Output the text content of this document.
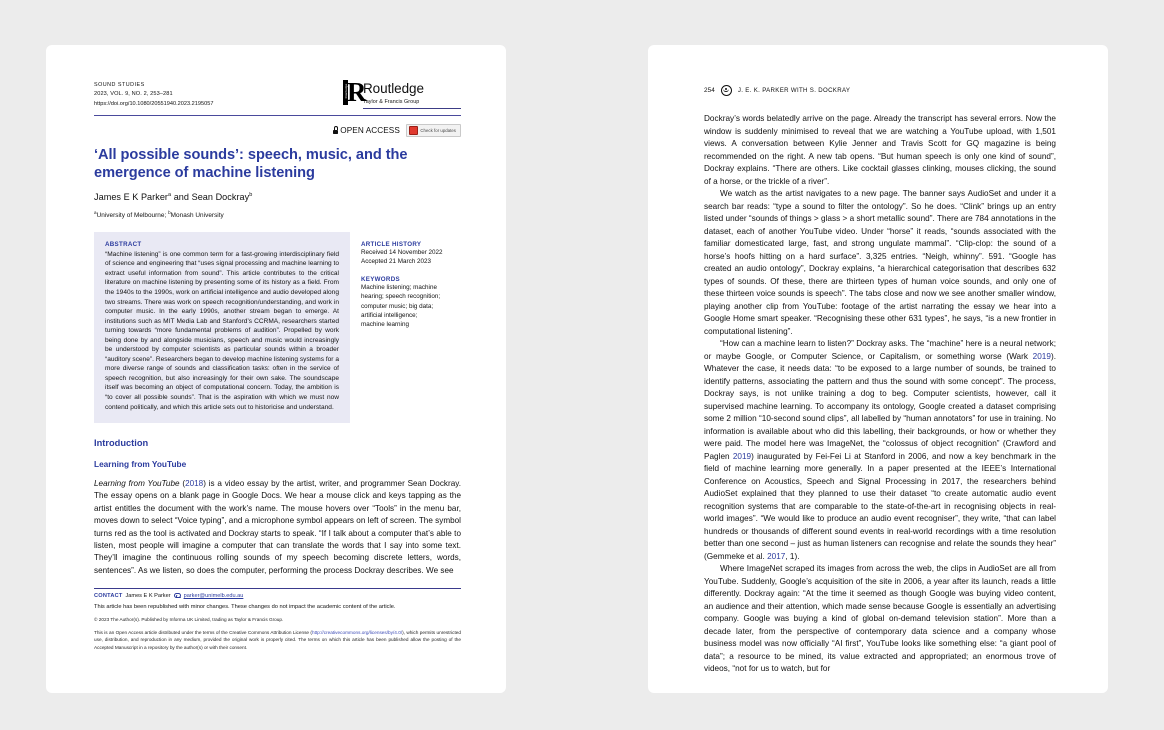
SOUND STUDIES
2023, VOL. 9, NO. 2, 253–281
https://doi.org/10.1080/20551940.2023.2195057
Routledge R
Routledge
Taylor & Francis Group
OPEN ACCESS	Check for updates
‘All possible sounds’: speech, music, and the emergence of machine listening
James E K Parker$^a$ and Sean Dockray$^b$
$^a$University of Melbourne; $^b$Monash University
ABSTRACT
“Machine listening” is one common term for a fast-growing interdisciplinary field of science and engineering that “uses signal processing and machine learning to extract useful information from sound”. This article contributes to the critical literature on machine listening by presenting some of its history as a field. From the 1940s to the 1990s, work on artificial intelligence and audio developed along two streams. There was work on speech recognition/understanding, and work in computer music. In the early 1990s, another stream began to emerge. At institutions such as MIT Media Lab and Stanford’s CCRMA, researchers started turning towards “more fundamental problems of audition”. Propelled by work being done by and alongside musicians, speech and music would increasingly be understood by computer scientists as particular sounds within a broader “auditory scene”. Researchers began to develop machine listening systems for a more diverse range of sounds and classification tasks: often in the service of speech recognition, but also increasingly for their own sake. The soundscape itself was becoming an object of computational concern. Today, the ambition is “to cover all possible sounds”. That is the aspiration with which we must now contend politically, and which this article sets out to historicise and understand.
ARTICLE HISTORY
Received 14 November 2022
Accepted 21 March 2023
KEYWORDS
Machine listening; machine
hearing; speech recognition;
computer music; big data;
artificial intelligence;
machine learning
Introduction
Learning from YouTube
Learning from YouTube (2018) is a video essay by the artist, writer, and programmer Sean Dockray. The essay opens on a blank page in Google Docs. We hear a mouse click and keys tapping as the artist entitles the document with the work’s name. The mouse hovers over “Tools” in the menu bar, moves down to select “Voice typing”, and a microphone symbol appears on left of screen. The symbol turns red as the tool is activated and Dockray starts to speak. “If I talk about a computer that’s able to listen, most people will imagine a computer that can translate the words that I say into some text. They’ll imagine the continuous rolling sounds of my speech becoming discrete letters, words, sentences”. As we listen, so does the computer, performing the process Dockray describes. We see
CONTACT James E K Parker parker@unimelb.edu.au
This article has been republished with minor changes. These changes do not impact the academic content of the article.
© 2023 The Author(s). Published by Informa UK Limited, trading as Taylor & Francis Group.
This is an Open Access article distributed under the terms of the Creative Commons Attribution License (http://creativecommons.org/licenses/by/4.0/), which permits unrestricted use, distribution, and reproduction in any medium, provided the original work is properly cited. The terms on which this article has been published allow the posting of the Accepted Manuscript in a repository by the author(s) or with their consent.
254	J. E. K. PARKER WITH S. DOCKRAY
Dockray’s words belatedly arrive on the page. Already the transcript has several errors. Now the window is suddenly minimised to reveal that we are watching a YouTube upload, with 1,501 views. A conversation between Kylie Jenner and Travis Scott for GQ magazine is being recommended on the right. A new tab opens. “But human speech is only one kind of sound”, Dockray explains. “There are others. Like cocktail glasses clinking, mouses clicking, the sound of a horse, or the trickle of a river”.
We watch as the artist navigates to a new page. The banner says AudioSet and under it a search bar reads: “type a sound to filter the ontology”. So he does. “Clink” brings up an entry listed under “sounds of things > glass > a short metallic sound”. There are 784 annotations in the dataset, each of another YouTube video. Under “horse” it reads, “sounds associated with the familiar domesticated large, fast, and strong ungulate mammal”. “Clip-clop: the sound of a horse’s hoofs hitting on a hard surface”. 3,325 entries. “Neigh, whinny”. 591. “Google has created an audio ontology”, Dockray explains, “a hierarchical categorisation that describes 632 types of sounds. Of these, there are thirteen types of human voice sounds, and only one of these thirteen voice sounds is speech”. The tabs close and now we see another smaller window, playing another clip from YouTube: footage of the artist narrating the essay we hear into a Google Home smart speaker. “Recognising these other 631 types”, he says, “is a new frontier in computational listening”.
“How can a machine learn to listen?” Dockray asks. The “machine” here is a neural network; or maybe Google, or Computer Science, or Capitalism, or something worse (Wark 2019). Whatever the case, it needs data: “to be exposed to a large number of sounds, be trained to identify patterns, associating the pattern and thus the sound with some concept”. The process, Dockray says, is not unlike training a dog to beg. Computer scientists, however, call it supervised machine learning. To accompany its ontology, Google created a dataset comprising some 2 million “10-second sound clips”, all labelled by “human annotators” for use in training. No information is available about who did this labelling, their backgrounds, or how or whether they were paid. The model here was ImageNet, the “colossus of object recognition” (Crawford and Paglen 2019) inaugurated by Fei-Fei Li at Stanford in 2006, and now a key benchmark in the field of machine learning more generally. In a paper presented at the IEEE’s International Conference on Acoustics, Speech and Signal Processing in 2017, the researchers behind AudioSet explained that they planned to use their dataset “to create automatic audio event recognition systems that are comparable to the state-of-the-art in recognising objects in real-world images”. “We would like to produce an audio event recogniser”, they write, “that can label hundreds or thousands of different sound events in real-world recordings with a time resolution better than one second – just as human listeners can recognise and relate the sounds they hear” (Gemmeke et al. 2017, 1).
Where ImageNet scraped its images from across the web, the clips in AudioSet are all from YouTube. Suddenly, Google’s acquisition of the site in 2006, a year after its launch, reads a little differently. Dockray again: “At the time it seemed as though Google was buying video content, an audience and their attention, which made sense because Google is essentially an advertising company. Google was buying a kind of global on-demand television station”. More than a decade later, from the perspective of contemporary data science and a company whose business model was now officially “AI first”, YouTube looks like something else: “a giant pool of data”; a resource to be mined, its value extracted and appropriated; an enormous trove of videos, “not for us to watch, but for
